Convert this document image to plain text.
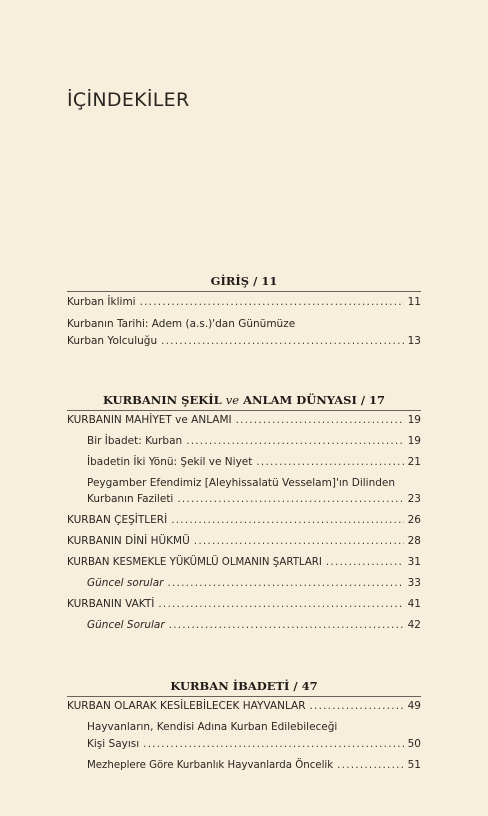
İÇİNDEKİLER
GİRİŞ / 11
Kurban İklimi .....	11
Kurbanın Tarihi: Adem (a.s.)'dan Günümüze
Kurban Yolculuğu .....	13
KURBANIN ŞEKİL ve ANLAM DÜNYASI / 17
KURBANIN MAHİYET ve ANLAMI .....	19
Bir İbadet: Kurban .....	19
İbadetin İki Yönü: Şekil ve Niyet .....	21
Peygamber Efendimiz [Aleyhissalatü Vesselam]'ın Dilinden
Kurbanın Fazileti .....	23
KURBAN ÇEŞİTLERİ .....	26
KURBANIN DİNİ HÜKMÜ .....	28
KURBAN KESMEKLE YÜKÜMLÜ OLMANIN ŞARTLARI .....	31
Güncel sorular .....	33
KURBANIN VAKTİ .....	41
Güncel Sorular .....	42
KURBAN İBADETİ / 47
KURBAN OLARAK KESİLEBİLECEK HAYVANLAR .....	49
Hayvanların, Kendisi Adına Kurban Edilebileceği
Kişi Sayısı .....	50
Mezheplere Göre Kurbanlık Hayvanlarda Öncelik .....	51
